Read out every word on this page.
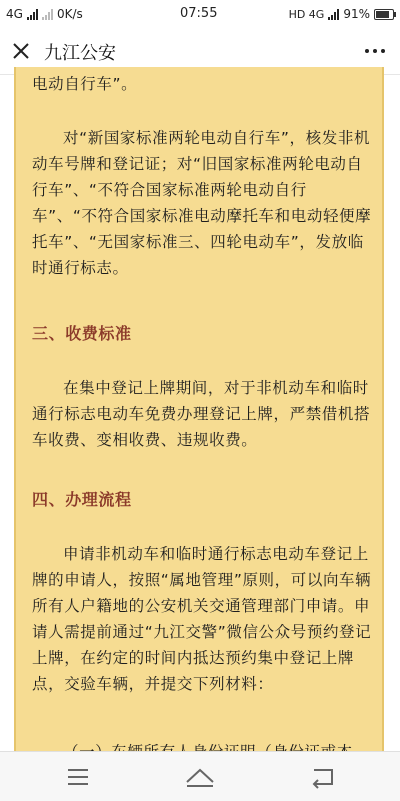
4G	0K/s	07:55	HD 4G 91%
九江公安

电动自行车”。

对“新国家标准两轮电动自行车”，核发非机动车号牌和登记证；对“旧国家标准两轮电动自行车”、“不符合国家标准两轮电动自行车”、“不符合国家标准电动摩托车和电动轻便摩托车”、“无国家标准三、四轮电动车”，发放临时通行标志。

三、收费标准

在集中登记上牌期间，对于非机动车和临时通行标志电动车免费办理登记上牌，严禁借机搭车收费、变相收费、违规收费。

四、办理流程

申请非机动车和临时通行标志电动车登记上牌的申请人，按照“属地管理”原则，可以向车辆所有人户籍地的公安机关交通管理部门申请。申请人需提前通过“九江交警”微信公众号预约登记上牌，在约定的时间内抵达预约集中登记上牌点，交验车辆，并提交下列材料：
